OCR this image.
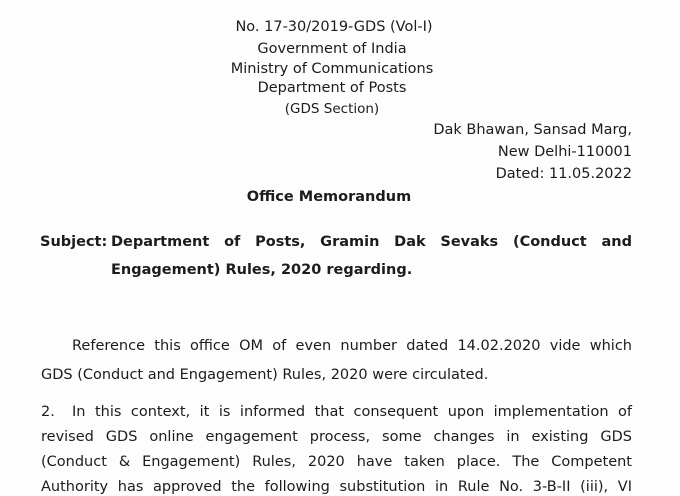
No. 17-30/2019-GDS (Vol-I)
Government of India
Ministry of Communications
Department of Posts
(GDS Section)
Dak Bhawan, Sansad Marg,
New Delhi-110001
Dated: 11.05.2022
Office Memorandum
Subject: Department of Posts, Gramin Dak Sevaks (Conduct and
Engagement) Rules, 2020 regarding.
Reference this office OM of even number dated 14.02.2020 vide which
GDS (Conduct and Engagement) Rules, 2020 were circulated.
2. In this context, it is informed that consequent upon implementation of
revised GDS online engagement process, some changes in existing GDS
(Conduct & Engagement) Rules, 2020 have taken place. The Competent
Authority has approved the following substitution in Rule No. 3-B-II (iii), VI
